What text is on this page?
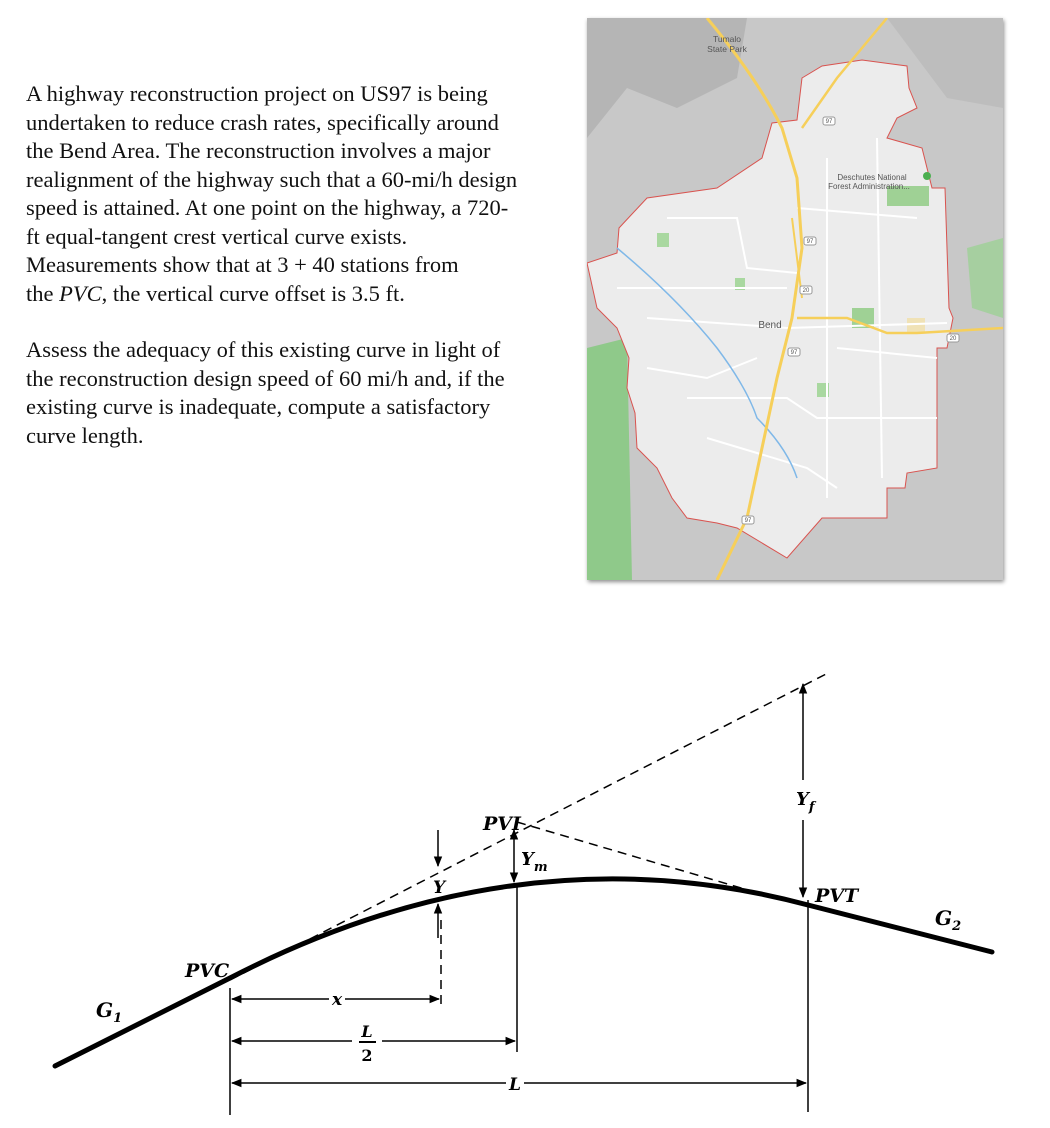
A highway reconstruction project on US97 is being
undertaken to reduce crash rates, specifically around
the Bend Area. The reconstruction involves a major
realignment of the highway such that a 60-mi/h design
speed is attained. At one point on the highway, a 720-
ft equal-tangent crest vertical curve exists.
Measurements show that at 3 + 40 stations from
the PVC, the vertical curve offset is 3.5 ft.

Assess the adequacy of this existing curve in light of
the reconstruction design speed of 60 mi/h and, if the
existing curve is inadequate, compute a satisfactory
curve length.

Tumalo
State Park
Deschutes National
Forest Administration...
Bend
97
97
20
97
20
97
$G_1$
$G_2$
PVC
PVI
PVT
Y
$Y_m$
$Y_f$
x
L
2
L
